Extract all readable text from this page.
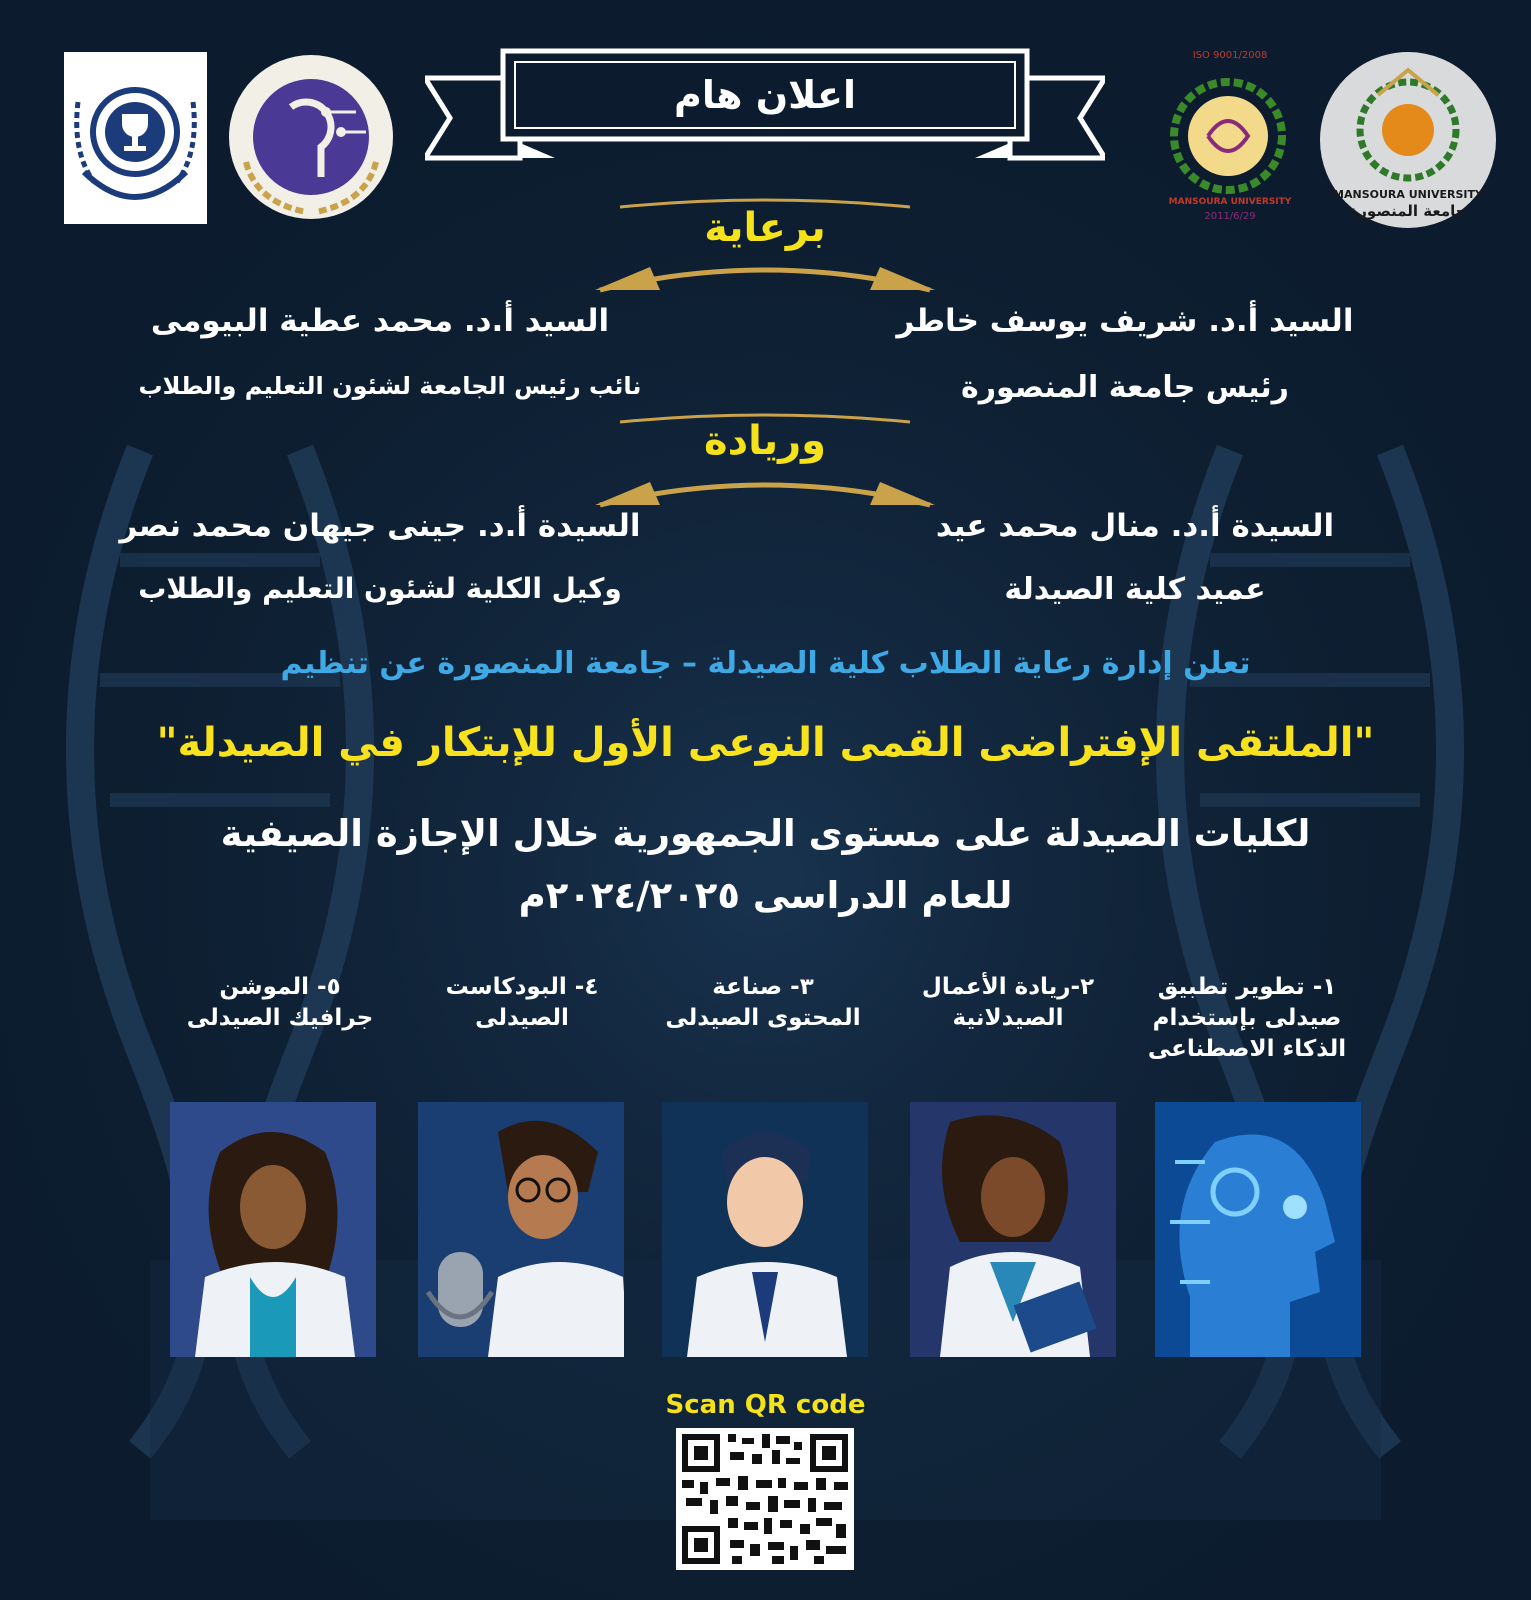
اعلان هام
ISO 9001/2008
MANSOURA UNIVERSITY
2011/6/29
MANSOURA UNIVERSITY
جامعة المنصورة
برعاية
السيد أ.د. شريف يوسف خاطر
رئيس جامعة المنصورة
السيد أ.د. محمد عطية البيومى
نائب رئيس الجامعة لشئون التعليم والطلاب
وريادة
السيدة أ.د. منال محمد عيد
عميد كلية الصيدلة
السيدة أ.د. جينى جيهان محمد نصر
وكيل الكلية لشئون التعليم والطلاب
تعلن إدارة رعاية الطلاب كلية الصيدلة – جامعة المنصورة عن تنظيم
"الملتقى الإفتراضى القمى النوعى الأول للإبتكار في الصيدلة"
لكليات الصيدلة على مستوى الجمهورية خلال الإجازة الصيفية
للعام الدراسى ٢٠٢٤/٢٠٢٥م
١- تطوير تطبيق
صيدلى بإستخدام
الذكاء الاصطناعى
٢-ريادة الأعمال
الصيدلانية
٣- صناعة
المحتوى الصيدلى
٤- البودكاست
الصيدلى
٥- الموشن
جرافيك الصيدلى
Scan QR code
